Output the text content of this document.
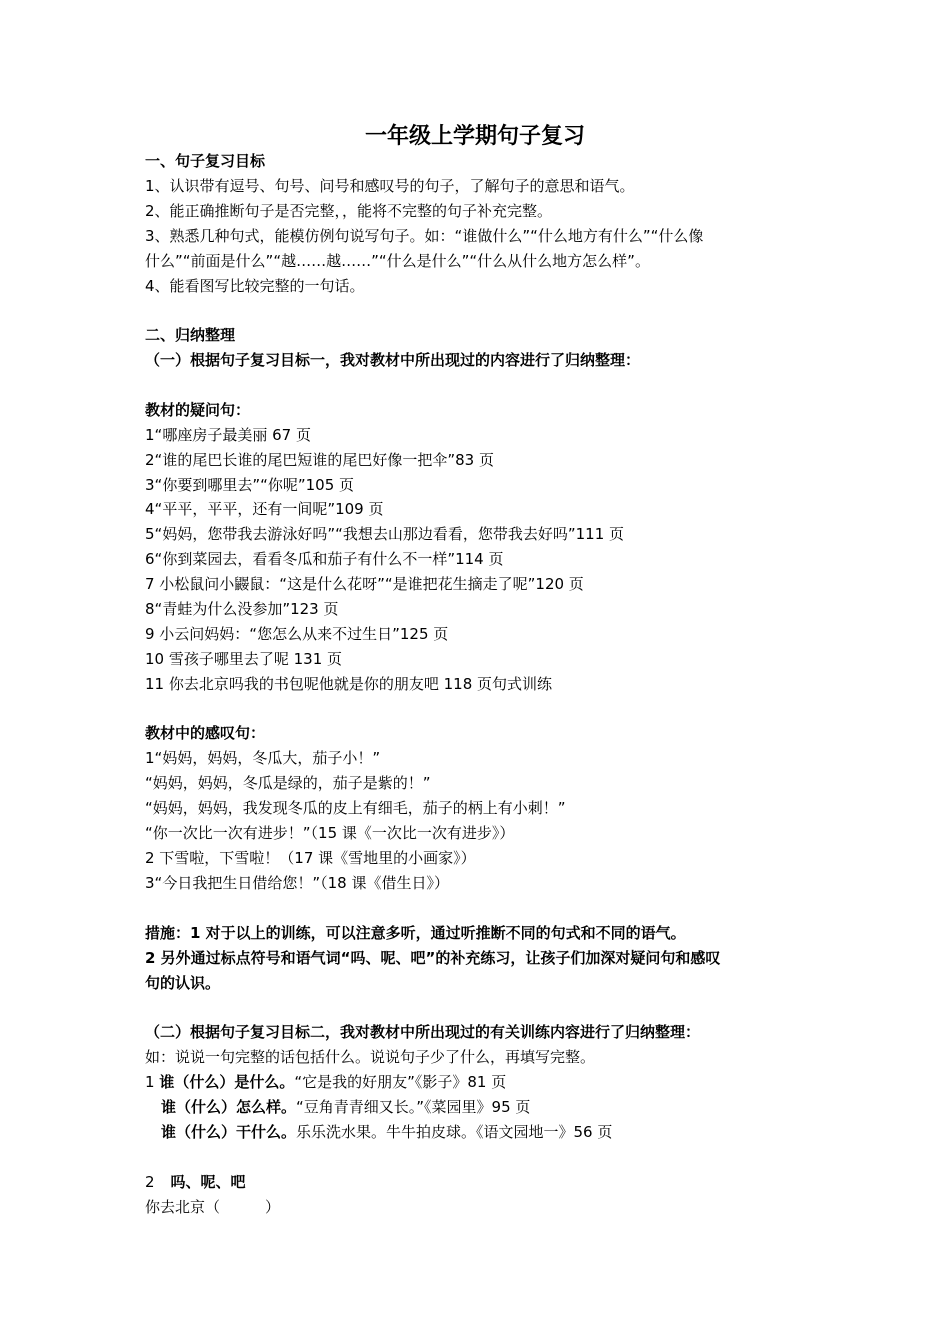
一年级上学期句子复习
一、句子复习目标
1、认识带有逗号、句号、问号和感叹号的句子，了解句子的意思和语气。
2、能正确推断句子是否完整，，能将不完整的句子补充完整。
3、熟悉几种句式，能模仿例句说写句子。如：“谁做什么”“什么地方有什么”“什么像
什么”“前面是什么”“越……越……”“什么是什么”“什么从什么地方怎么样”。
4、能看图写比较完整的一句话。
二、归纳整理
（一）根据句子复习目标一，我对教材中所出现过的内容进行了归纳整理：
教材的疑问句：
1“哪座房子最美丽 67 页
2“谁的尾巴长谁的尾巴短谁的尾巴好像一把伞”83 页
3“你要到哪里去”“你呢”105 页
4“平平，平平，还有一间呢”109 页
5“妈妈，您带我去游泳好吗”“我想去山那边看看，您带我去好吗”111 页
6“你到菜园去，看看冬瓜和茄子有什么不一样”114 页
7 小松鼠问小鼹鼠：“这是什么花呀”“是谁把花生摘走了呢”120 页
8“青蛙为什么没参加”123 页
9 小云问妈妈：“您怎么从来不过生日”125 页
10 雪孩子哪里去了呢 131 页
11 你去北京吗我的书包呢他就是你的朋友吧 118 页句式训练
教材中的感叹句：
1“妈妈，妈妈，冬瓜大，茄子小！”
“妈妈，妈妈，冬瓜是绿的，茄子是紫的！”
“妈妈，妈妈，我发现冬瓜的皮上有细毛，茄子的柄上有小刺！”
“你一次比一次有进步！”（15 课《一次比一次有进步》）
2 下雪啦，下雪啦！（17 课《雪地里的小画家》）
3“今日我把生日借给您！”（18 课《借生日》）
措施：1 对于以上的训练，可以注意多听，通过听推断不同的句式和不同的语气。
2 另外通过标点符号和语气词“吗、呢、吧”的补充练习，让孩子们加深对疑问句和感叹
句的认识。
（二）根据句子复习目标二，我对教材中所出现过的有关训练内容进行了归纳整理：
如：说说一句完整的话包括什么。说说句子少了什么，再填写完整。
1 谁（什么）是什么。“它是我的好朋友”《影子》81 页
谁（什么）怎么样。“豆角青青细又长。”《菜园里》95 页
谁（什么）干什么。乐乐洗水果。牛牛拍皮球。《语文园地一》56 页
2 吗、呢、吧
你去北京（　　　）
